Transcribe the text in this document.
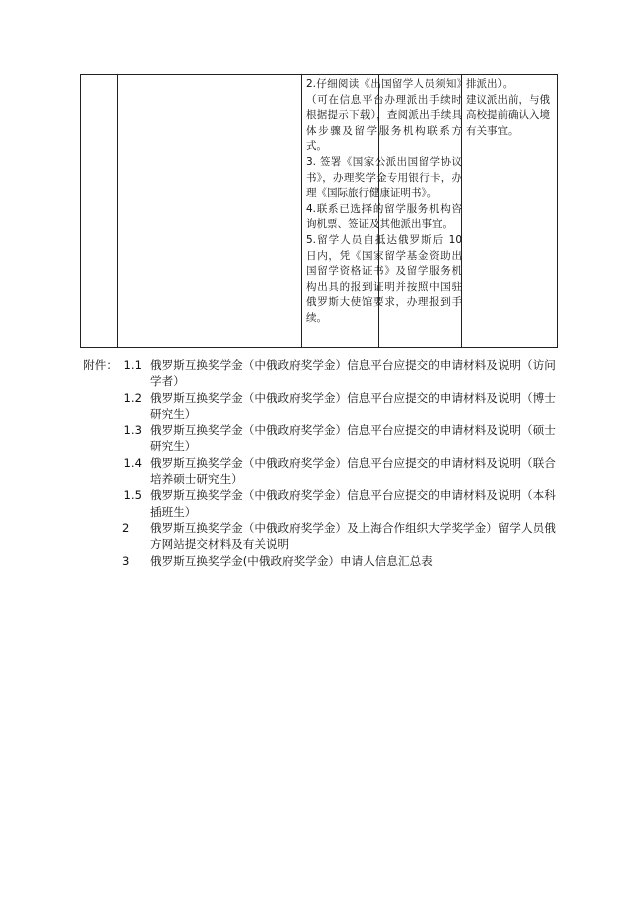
2.仔细阅读《出国留学人员须知》（可在信息平台办理派出手续时根据提示下载），查阅派出手续具体步骤及留学服务机构联系方式。

3. 签署《国家公派出国留学协议书》，办理奖学金专用银行卡，办理《国际旅行健康证明书》。

4.联系已选择的留学服务机构咨询机票、签证及其他派出事宜。

5.留学人员自抵达俄罗斯后 10 日内，凭《国家留学基金资助出国留学资格证书》及留学服务机构出具的报到证明并按照中国驻俄罗斯大使馆要求，办理报到手续。

排派出）。

建议派出前，与俄高校提前确认入境有关事宜。

附件： 1.1 俄罗斯互换奖学金（中俄政府奖学金）信息平台应提交的申请材料及说明（访问学者）
1.2 俄罗斯互换奖学金（中俄政府奖学金）信息平台应提交的申请材料及说明（博士研究生）
1.3 俄罗斯互换奖学金（中俄政府奖学金）信息平台应提交的申请材料及说明（硕士研究生）
1.4 俄罗斯互换奖学金（中俄政府奖学金）信息平台应提交的申请材料及说明（联合培养硕士研究生）
1.5 俄罗斯互换奖学金（中俄政府奖学金）信息平台应提交的申请材料及说明（本科插班生）
2	俄罗斯互换奖学金（中俄政府奖学金）及上海合作组织大学奖学金）留学人员俄方网站提交材料及有关说明
3	俄罗斯互换奖学金(中俄政府奖学金）申请人信息汇总表
